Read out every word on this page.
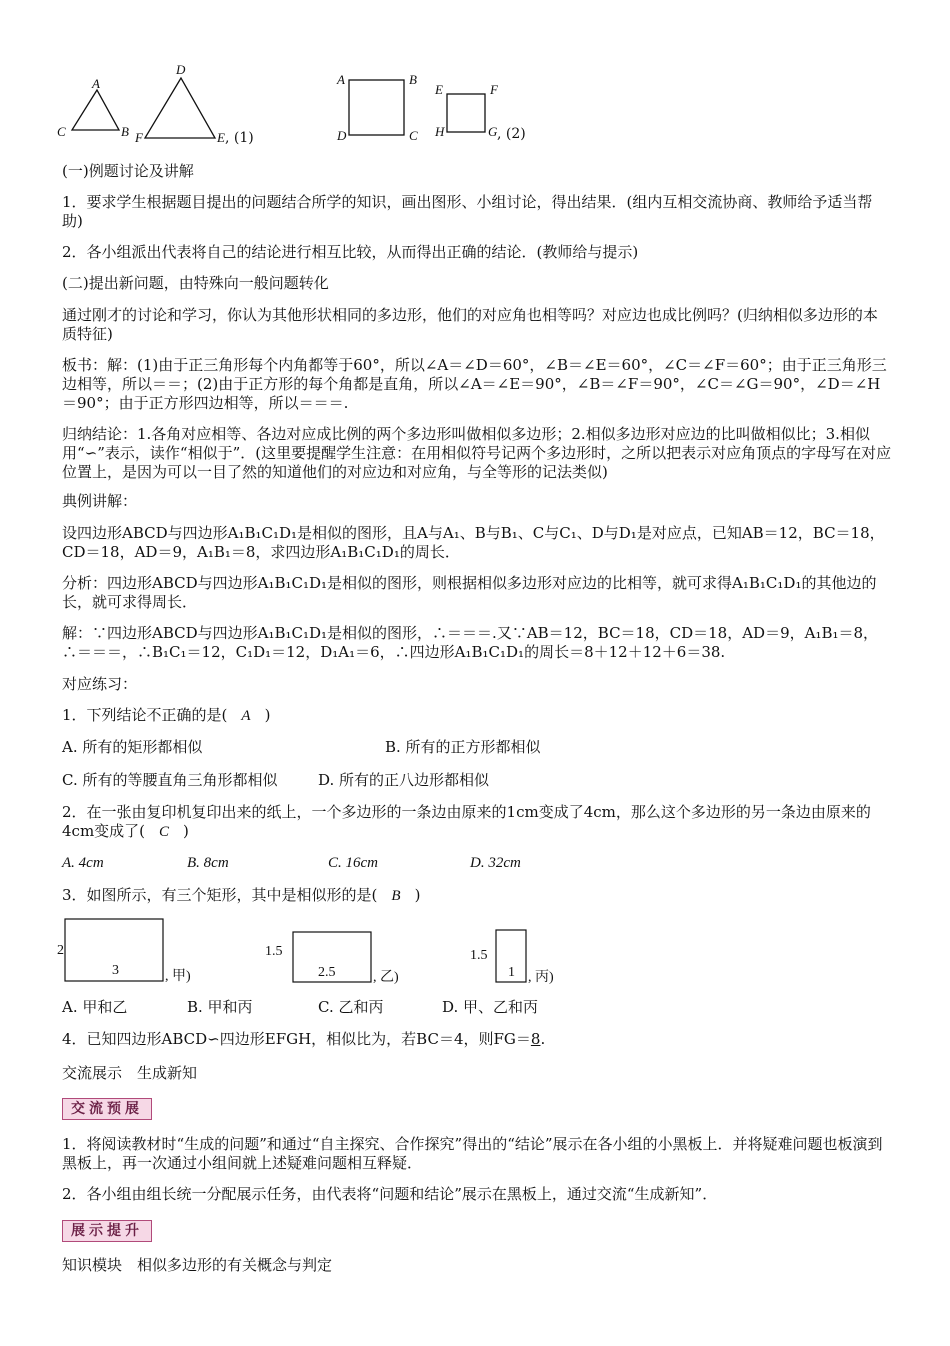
A
C	B
D
F	E , (1)
A	B
D	C
E	F
H	G , (2)
(一)例题讨论及讲解
1．要求学生根据题目提出的问题结合所学的知识，画出图形、小组讨论，得出结果．(组内互相交流协商、教师给予适当帮助)
2．各小组派出代表将自己的结论进行相互比较，从而得出正确的结论．(教师给与提示)
(二)提出新问题，由特殊向一般问题转化
通过刚才的讨论和学习，你认为其他形状相同的多边形，他们的对应角也相等吗？对应边也成比例吗？(归纳相似多边形的本质特征)
板书：解：(1)由于正三角形每个内角都等于60°，所以∠A＝∠D＝60°，∠B＝∠E＝60°，∠C＝∠F＝60°；由于正三角形三边相等，所以＝＝；(2)由于正方形的每个角都是直角，所以∠A＝∠E＝90°，∠B＝∠F＝90°，∠C＝∠G＝90°，∠D＝∠H＝90°；由于正方形四边相等，所以＝＝＝.
归纳结论：1.各角对应相等、各边对应成比例的两个多边形叫做相似多边形；2.相似多边形对应边的比叫做相似比；3.相似用“∽”表示，读作“相似于”．(这里要提醒学生注意：在用相似符号记两个多边形时，之所以把表示对应角顶点的字母写在对应位置上，是因为可以一目了然的知道他们的对应边和对应角，与全等形的记法类似)
典例讲解：
设四边形ABCD与四边形A₁B₁C₁D₁是相似的图形，且A与A₁、B与B₁、C与C₁、D与D₁是对应点，已知AB＝12，BC＝18，CD＝18，AD＝9，A₁B₁＝8，求四边形A₁B₁C₁D₁的周长．
分析：四边形ABCD与四边形A₁B₁C₁D₁是相似的图形，则根据相似多边形对应边的比相等，就可求得A₁B₁C₁D₁的其他边的长，就可求得周长．
解：∵四边形ABCD与四边形A₁B₁C₁D₁是相似的图形，∴＝＝＝.又∵AB＝12，BC＝18，CD＝18，AD＝9，A₁B₁＝8，∴＝＝＝，∴B₁C₁＝12，C₁D₁＝12，D₁A₁＝6，∴四边形A₁B₁C₁D₁的周长＝8＋12＋12＋6＝38.
对应练习：
1．下列结论不正确的是( A )
A. 所有的矩形都相似	B. 所有的正方形都相似
C. 所有的等腰直角三角形都相似	D. 所有的正八边形都相似
2．在一张由复印机复印出来的纸上，一个多边形的一条边由原来的1cm变成了4cm，那么这个多边形的另一条边由原来的4cm变成了( C )
A. 4cm	B. 8cm	C. 16cm	D. 32cm
3．如图所示，有三个矩形，其中是相似形的是( B )
2
3	, 甲)
1.5
2.5	, 乙)
1.5
1 , 丙)
A. 甲和乙	B. 甲和丙	C. 乙和丙	D. 甲、乙和丙
4．已知四边形ABCD∽四边形EFGH，相似比为，若BC＝4，则FG＝8.
交流展示　生成新知
交流预展
1．将阅读教材时“生成的问题”和通过“自主探究、合作探究”得出的“结论”展示在各小组的小黑板上．并将疑难问题也板演到黑板上，再一次通过小组间就上述疑难问题相互释疑．
2．各小组由组长统一分配展示任务，由代表将“问题和结论”展示在黑板上，通过交流“生成新知”．
展示提升
知识模块　相似多边形的有关概念与判定
